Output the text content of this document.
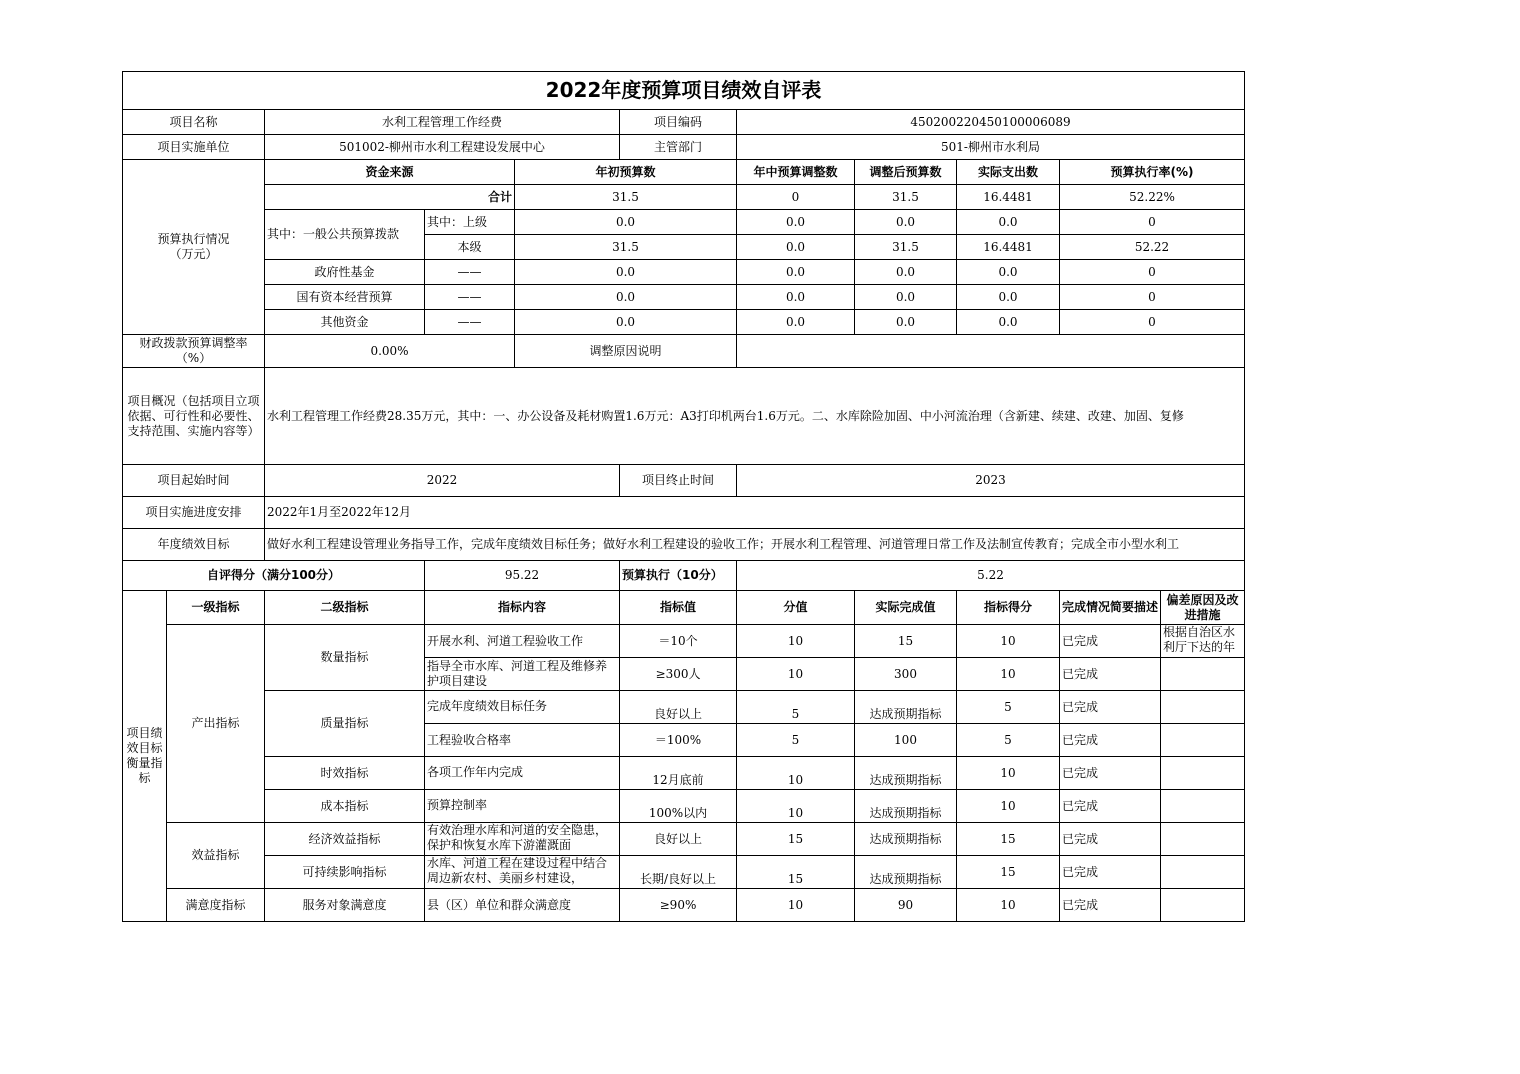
2022年度预算项目绩效自评表										
项目名称		水利工程管理工作经费			项目编码	450200220450100006089				
项目实施单位		501002-柳州市水利工程建设发展中心			主管部门	501-柳州市水利局				
预算执行情况
（万元）		资金来源		年初预算数		年中预算调整数	调整后预算数	实际支出数	预算执行率(%)	
		合计		31.5		0	31.5	16.4481	52.22%	
		其中：一般公共预算拨款	其中：上级	0.0		0.0	0.0	0.0	0	
			本级	31.5		0.0	31.5	16.4481	52.22	
		政府性基金	——	0.0		0.0	0.0	0.0	0	
		国有资本经营预算	——	0.0		0.0	0.0	0.0	0	
		其他资金	——	0.0		0.0	0.0	0.0	0	
财政拨款预算调整率（%）		0.00%		调整原因说明						
项目概况（包括项目立项依据、可行性和必要性、支持范围、实施内容等）		水利工程管理工作经费28.35万元，其中：一、办公设备及耗材购置1.6万元：A3打印机两台1.6万元。二、水库除险加固、中小河流治理（含新建、续建、改建、加固、复修								
项目起始时间		2022			项目终止时间	2023				
项目实施进度安排		2022年1月至2022年12月								
年度绩效目标		做好水利工程建设管理业务指导工作，完成年度绩效目标任务；做好水利工程建设的验收工作；开展水利工程管理、河道管理日常工作及法制宣传教育；完成全市小型水利工								
自评得分（满分100分）			95.22		预算执行（10分）	5.22				
项目绩效目标衡量指标	一级指标	二级指标	指标内容		指标值	分值	实际完成值	指标得分	完成情况简要描述	偏差原因及改进措施
	产出指标	数量指标	开展水利、河道工程验收工作		＝10个	10	15	10	已完成	根据自治区水利厅下达的年
			指导全市水库、河道工程及维修养护项目建设		≥300人	10	300	10	已完成	
		质量指标	完成年度绩效目标任务		良好以上	5	达成预期指标	5	已完成	
			工程验收合格率		＝100%	5	100	5	已完成	
		时效指标	各项工作年内完成		12月底前	10	达成预期指标	10	已完成	
		成本指标	预算控制率		100%以内	10	达成预期指标	10	已完成	
	效益指标	经济效益指标	有效治理水库和河道的安全隐患，保护和恢复水库下游灌溉面		良好以上	15	达成预期指标	15	已完成	
		可持续影响指标	水库、河道工程在建设过程中结合周边新农村、美丽乡村建设，		长期/良好以上	15	达成预期指标	15	已完成	
	满意度指标	服务对象满意度	县（区）单位和群众满意度		≥90%	10	90	10	已完成	
